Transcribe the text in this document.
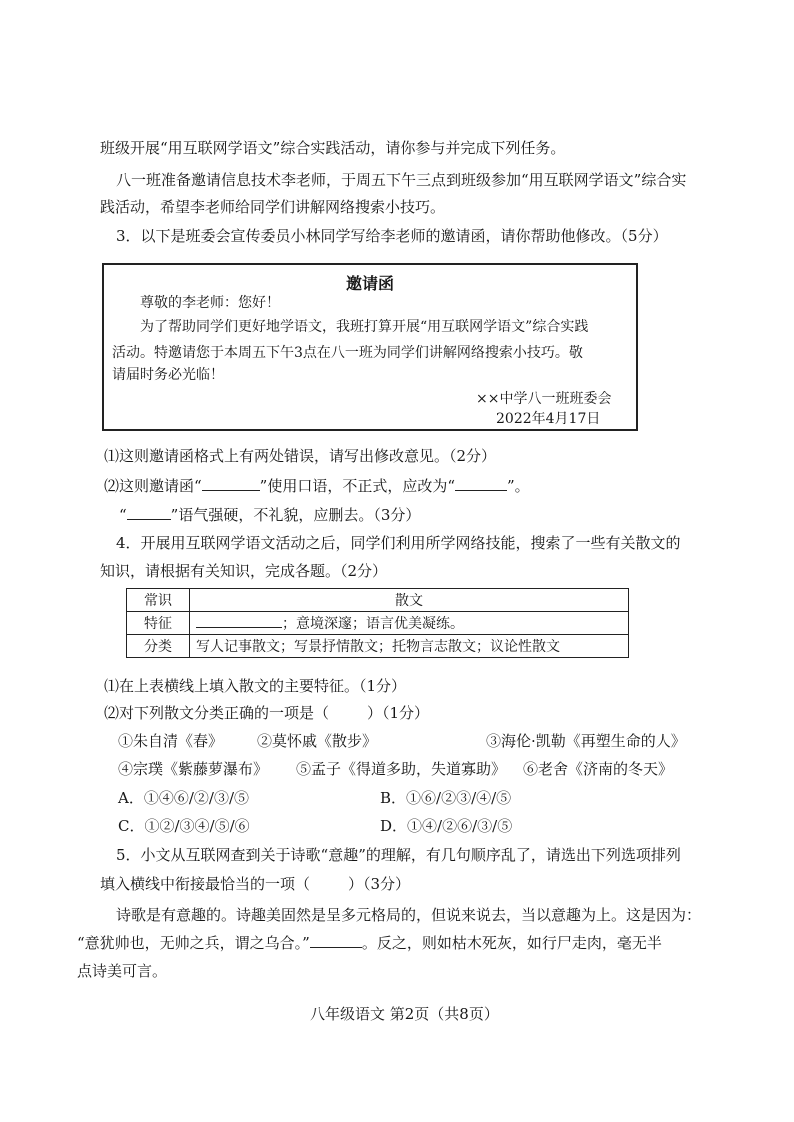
班级开展“用互联网学语文”综合实践活动，请你参与并完成下列任务。
八一班准备邀请信息技术李老师，于周五下午三点到班级参加“用互联网学语文”综合实
践活动，希望李老师给同学们讲解网络搜索小技巧。
3．以下是班委会宣传委员小林同学写给李老师的邀请函，请你帮助他修改。（5分）
邀请函
尊敬的李老师：您好！
为了帮助同学们更好地学语文，我班打算开展“用互联网学语文”综合实践
活动。特邀请您于本周五下午3点在八一班为同学们讲解网络搜索小技巧。敬
请届时务必光临！
××中学八一班班委会
2022年4月17日
⑴这则邀请函格式上有两处错误，请写出修改意见。（2分）
⑵这则邀请函“	”使用口语，不正式，应改为“	”。
“	”语气强硬，不礼貌，应删去。（3分）
4．开展用互联网学语文活动之后，同学们利用所学网络技能，搜索了一些有关散文的
知识，请根据有关知识，完成各题。（2分）
常识	散文
特征	；意境深邃；语言优美凝练。
分类	写人记事散文；写景抒情散文；托物言志散文；议论性散文
⑴在上表横线上填入散文的主要特征。（1分）
⑵对下列散文分类正确的一项是（	）（1分）
①朱自清《春》 ②莫怀戚《散步》	③海伦·凯勒《再塑生命的人》
④宗璞《紫藤萝瀑布》 ⑤孟子《得道多助，失道寡助》 ⑥老舍《济南的冬天》
A．①④⑥/②/③/⑤	B．①⑥/②③/④/⑤
C．①②/③④/⑤/⑥	D．①④/②⑥/③/⑤
5．小文从互联网查到关于诗歌“意趣”的理解，有几句顺序乱了，请选出下列选项排列
填入横线中衔接最恰当的一项（	）（3分）
诗歌是有意趣的。诗趣美固然是呈多元格局的，但说来说去，当以意趣为上。这是因为：
“意犹帅也，无帅之兵，谓之乌合。”	。反之，则如枯木死灰，如行尸走肉，毫无半
点诗美可言。
八年级语文 第2页（共8页）
